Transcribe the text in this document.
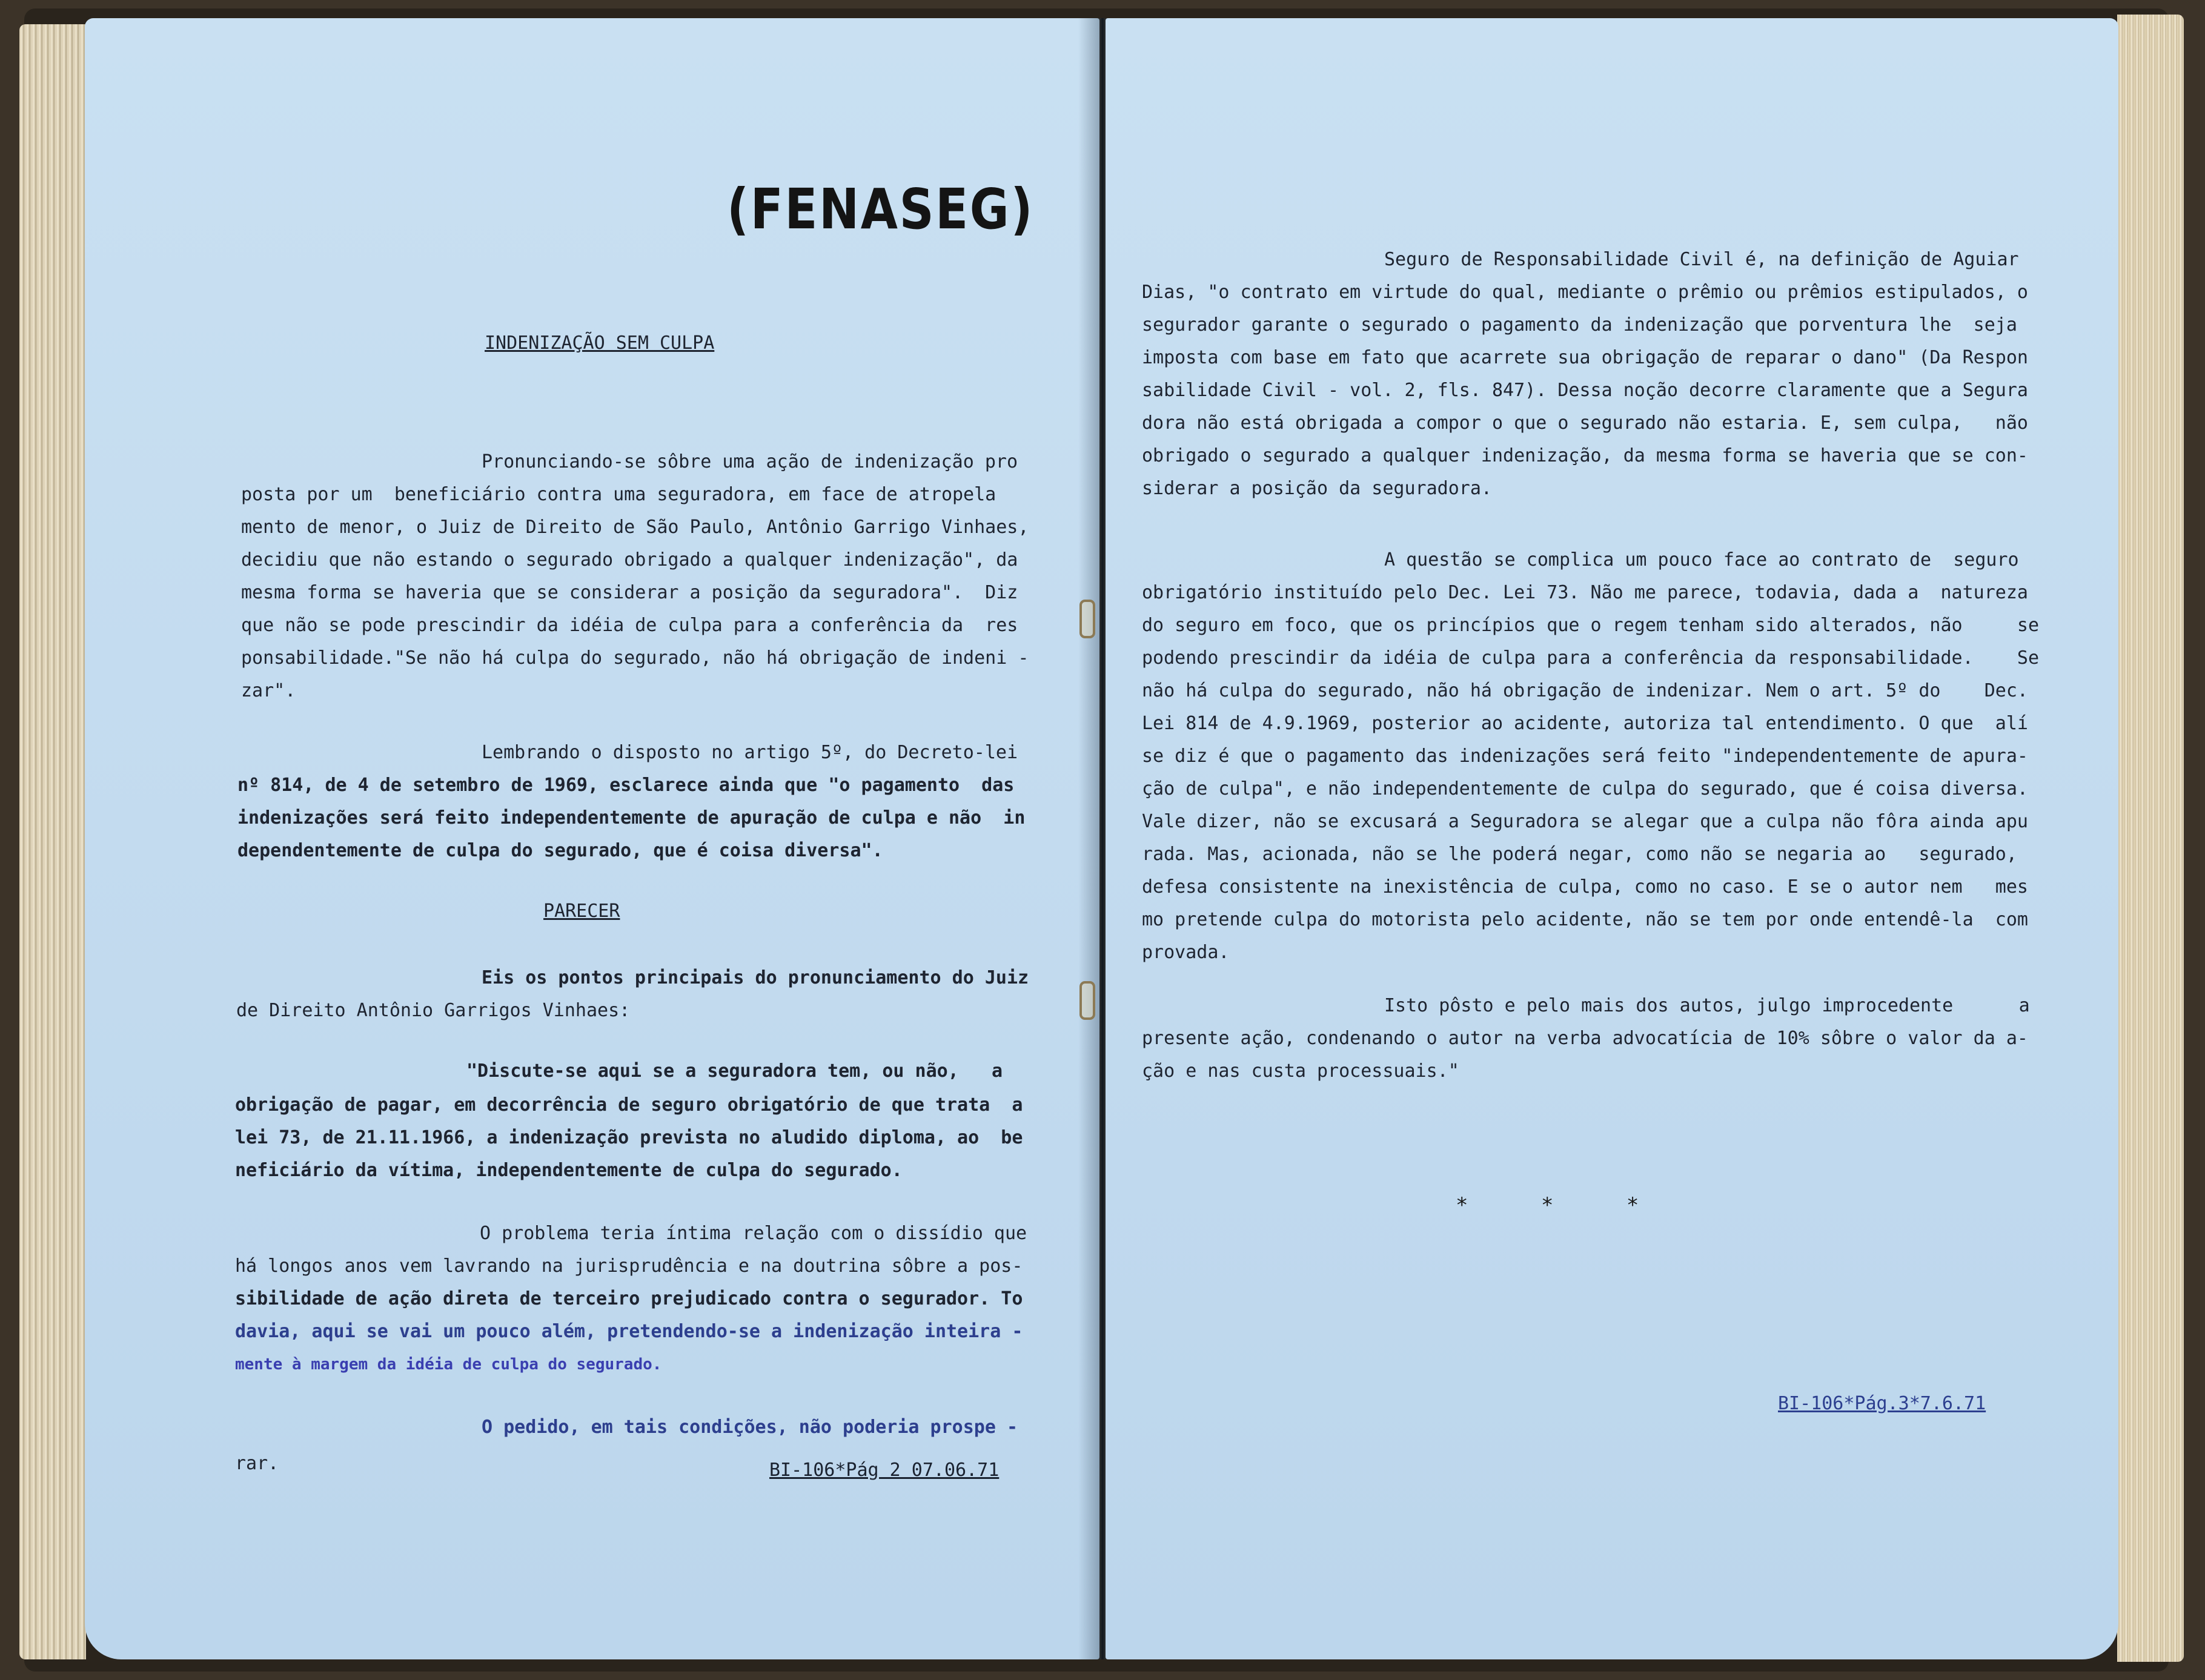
(FENASEG)
INDENIZAÇÃO SEM CULPA
Pronunciando-se sôbre uma ação de indenização pro
posta por um  beneficiário contra uma seguradora, em face de atropela
mento de menor, o Juiz de Direito de São Paulo, Antônio Garrigo Vinhaes,
decidiu que não estando o segurado obrigado a qualquer indenização", da
mesma forma se haveria que se considerar a posição da seguradora".  Diz
que não se pode prescindir da idéia de culpa para a conferência da  res
ponsabilidade."Se não há culpa do segurado, não há obrigação de indeni -
zar".
Lembrando o disposto no artigo 5º, do Decreto-lei
nº 814, de 4 de setembro de 1969, esclarece ainda que "o pagamento  das
indenizações será feito independentemente de apuração de culpa e não  in
dependentemente de culpa do segurado, que é coisa diversa".
PARECER
Eis os pontos principais do pronunciamento do Juiz
de Direito Antônio Garrigos Vinhaes:
"Discute-se aqui se a seguradora tem, ou não,   a
obrigação de pagar, em decorrência de seguro obrigatório de que trata  a
lei 73, de 21.11.1966, a indenização prevista no aludido diploma, ao  be
neficiário da vítima, independentemente de culpa do segurado.
O problema teria íntima relação com o dissídio que
há longos anos vem lavrando na jurisprudência e na doutrina sôbre a pos-
sibilidade de ação direta de terceiro prejudicado contra o segurador. To
davia, aqui se vai um pouco além, pretendendo-se a indenização inteira -
mente à margem da idéia de culpa do segurado.
O pedido, em tais condições, não poderia prospe -
rar.	BI-106*Pág 2 07.06.71
Seguro de Responsabilidade Civil é, na definição de Aguiar
Dias, "o contrato em virtude do qual, mediante o prêmio ou prêmios estipulados, o
segurador garante o segurado o pagamento da indenização que porventura lhe  seja
imposta com base em fato que acarrete sua obrigação de reparar o dano" (Da Respon
sabilidade Civil - vol. 2, fls. 847). Dessa noção decorre claramente que a Segura
dora não está obrigada a compor o que o segurado não estaria. E, sem culpa,   não
obrigado o segurado a qualquer indenização, da mesma forma se haveria que se con-
siderar a posição da seguradora.
A questão se complica um pouco face ao contrato de  seguro
obrigatório instituído pelo Dec. Lei 73. Não me parece, todavia, dada a  natureza
do seguro em foco, que os princípios que o regem tenham sido alterados, não     se
podendo prescindir da idéia de culpa para a conferência da responsabilidade.    Se
não há culpa do segurado, não há obrigação de indenizar. Nem o art. 5º do    Dec.
Lei 814 de 4.9.1969, posterior ao acidente, autoriza tal entendimento. O que  alí
se diz é que o pagamento das indenizações será feito "independentemente de apura-
ção de culpa", e não independentemente de culpa do segurado, que é coisa diversa.
Vale dizer, não se excusará a Seguradora se alegar que a culpa não fôra ainda apu
rada. Mas, acionada, não se lhe poderá negar, como não se negaria ao   segurado,
defesa consistente na inexistência de culpa, como no caso. E se o autor nem   mes
mo pretende culpa do motorista pelo acidente, não se tem por onde entendê-la  com
provada.
Isto pôsto e pelo mais dos autos, julgo improcedente      a
presente ação, condenando o autor na verba advocatícia de 10% sôbre o valor da a-
ção e nas custa processuais."
* * *
BI-106*Pág.3*7.6.71
